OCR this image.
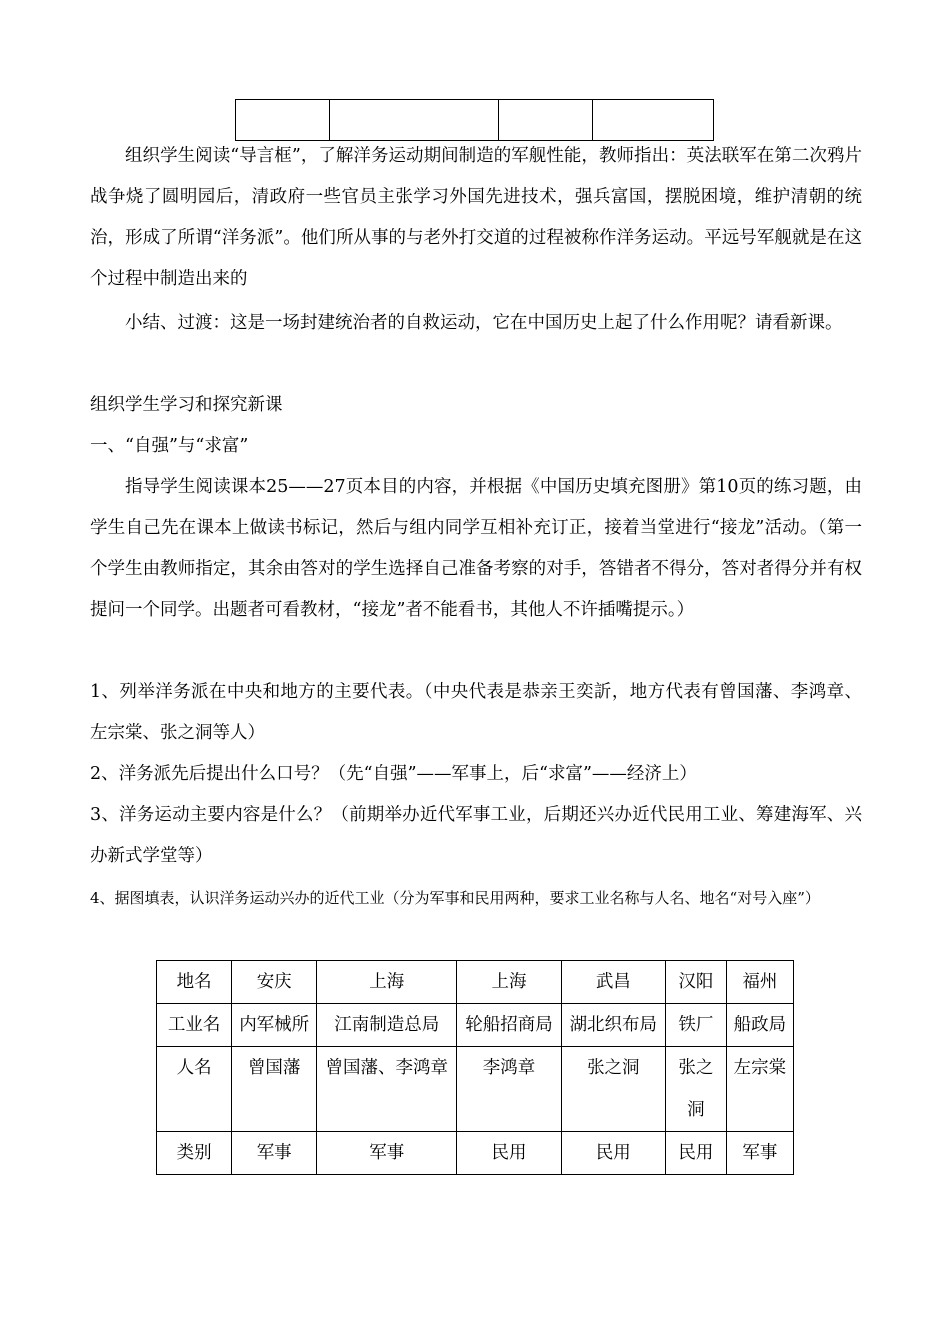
组织学生阅读“导言框”，了解洋务运动期间制造的军舰性能，教师指出：英法联军在第二次鸦片战争烧了圆明园后，清政府一些官员主张学习外国先进技术，强兵富国，摆脱困境，维护清朝的统治，形成了所谓“洋务派”。他们所从事的与老外打交道的过程被称作洋务运动。平远号军舰就是在这个过程中制造出来的

小结、过渡：这是一场封建统治者的自救运动，它在中国历史上起了什么作用呢？请看新课。

组织学生学习和探究新课

一、“自强”与“求富”

指导学生阅读课本25——27页本目的内容，并根据《中国历史填充图册》第10页的练习题，由学生自己先在课本上做读书标记，然后与组内同学互相补充订正，接着当堂进行“接龙”活动。（第一个学生由教师指定，其余由答对的学生选择自己准备考察的对手，答错者不得分，答对者得分并有权提问一个同学。出题者可看教材，“接龙”者不能看书，其他人不许插嘴提示。）

1、列举洋务派在中央和地方的主要代表。（中央代表是恭亲王奕訢，地方代表有曾国藩、李鸿章、左宗棠、张之洞等人）

2、洋务派先后提出什么口号？（先“自强”——军事上，后“求富”——经济上）

3、洋务运动主要内容是什么？（前期举办近代军事工业，后期还兴办近代民用工业、筹建海军、兴办新式学堂等）

4、据图填表，认识洋务运动兴办的近代工业（分为军事和民用两种，要求工业名称与人名、地名“对号入座”）

地名	安庆	上海	上海	武昌	汉阳	福州
工业名	内军械所	江南制造总局	轮船招商局	湖北织布局	铁厂	船政局
人名	曾国藩	曾国藩、李鸿章	李鸿章	张之洞	张之洞	左宗棠
类别	军事	军事	民用	民用	民用	军事
